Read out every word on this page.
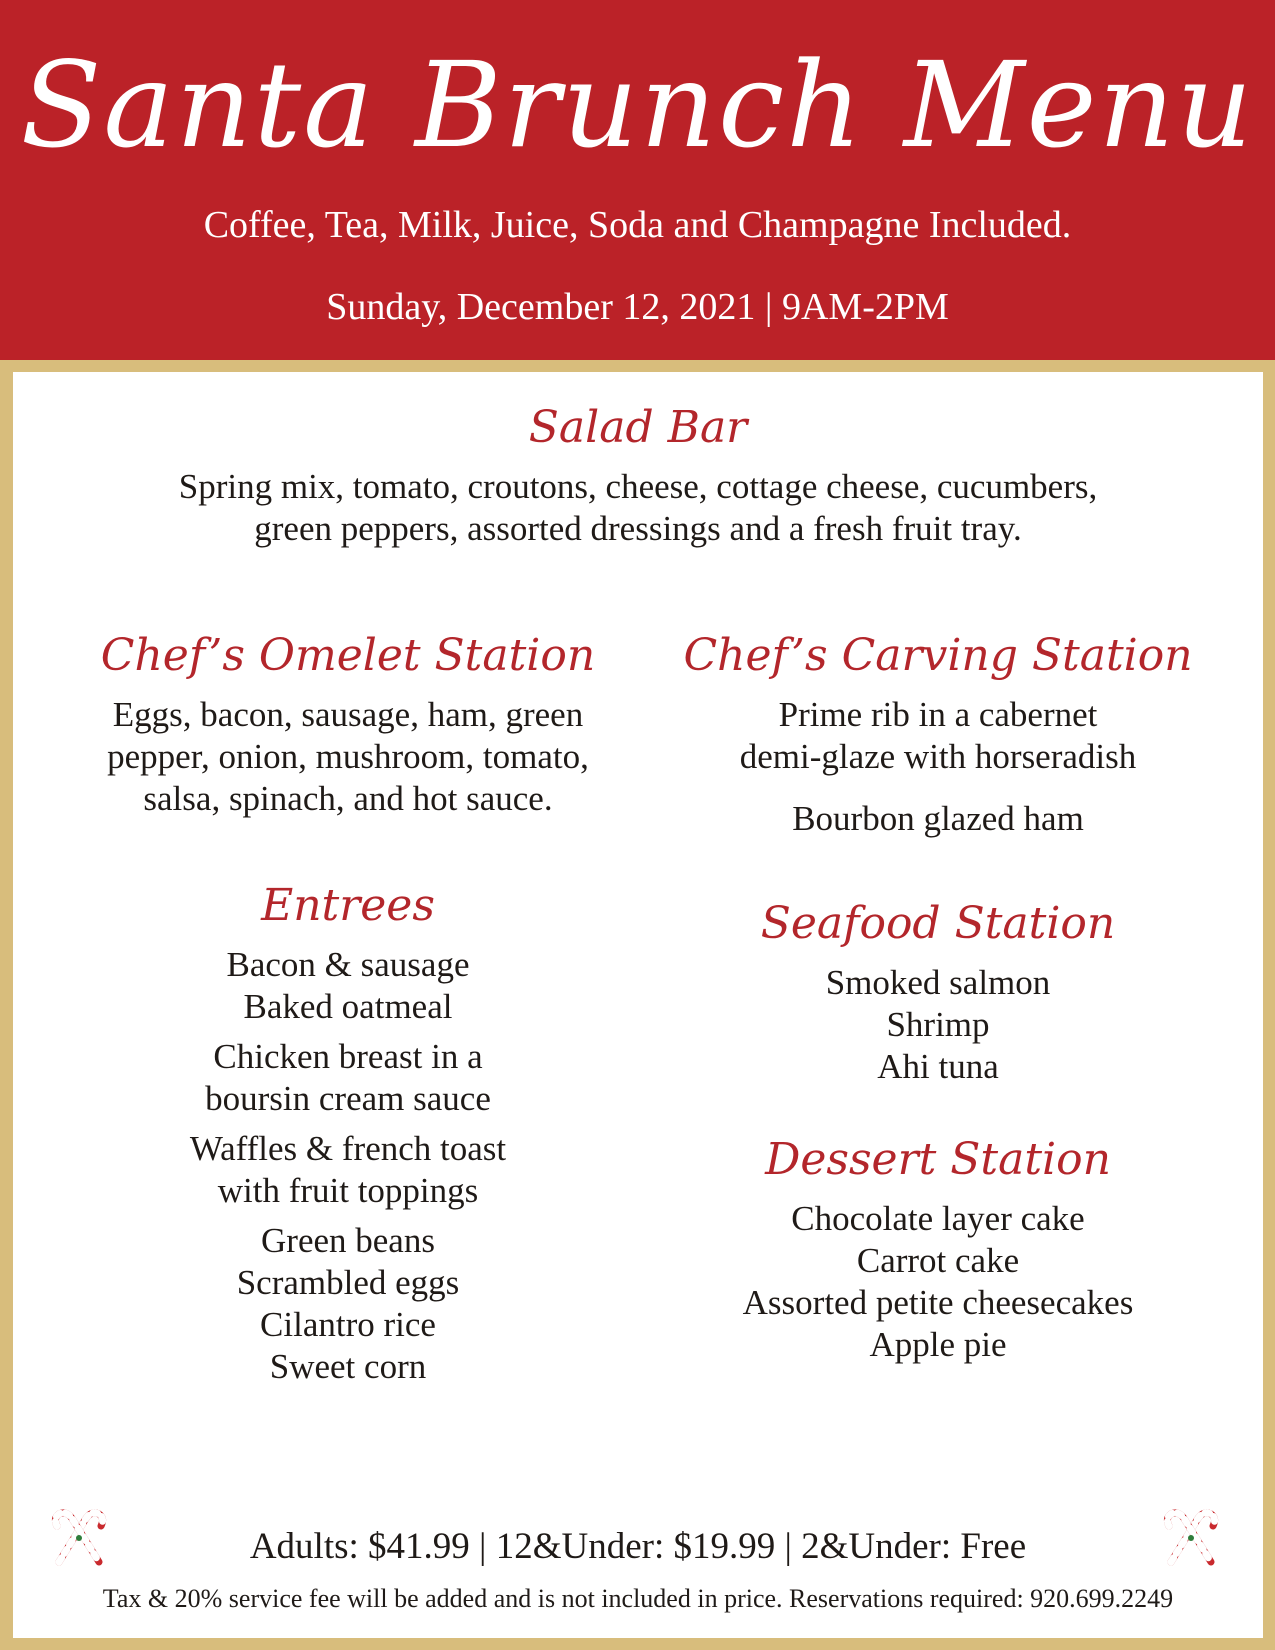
Santa Brunch Menu
Coffee, Tea, Milk, Juice, Soda and Champagne Included.
Sunday, December 12, 2021 | 9AM-2PM
Salad Bar
Spring mix, tomato, croutons, cheese, cottage cheese, cucumbers,
green peppers, assorted dressings and a fresh fruit tray.
Chef’s Omelet Station
Eggs, bacon, sausage, ham, green
pepper, onion, mushroom, tomato,
salsa, spinach, and hot sauce.
Chef’s Carving Station
Prime rib in a cabernet
demi-glaze with horseradish
Bourbon glazed ham
Entrees
Bacon & sausage
Baked oatmeal
Chicken breast in a
boursin cream sauce
Waffles & french toast
with fruit toppings
Green beans
Scrambled eggs
Cilantro rice
Sweet corn
Seafood Station
Smoked salmon
Shrimp
Ahi tuna
Dessert Station
Chocolate layer cake
Carrot cake
Assorted petite cheesecakes
Apple pie
Adults: $41.99 | 12&Under: $19.99 | 2&Under: Free
Tax & 20% service fee will be added and is not included in price. Reservations required: 920.699.2249
